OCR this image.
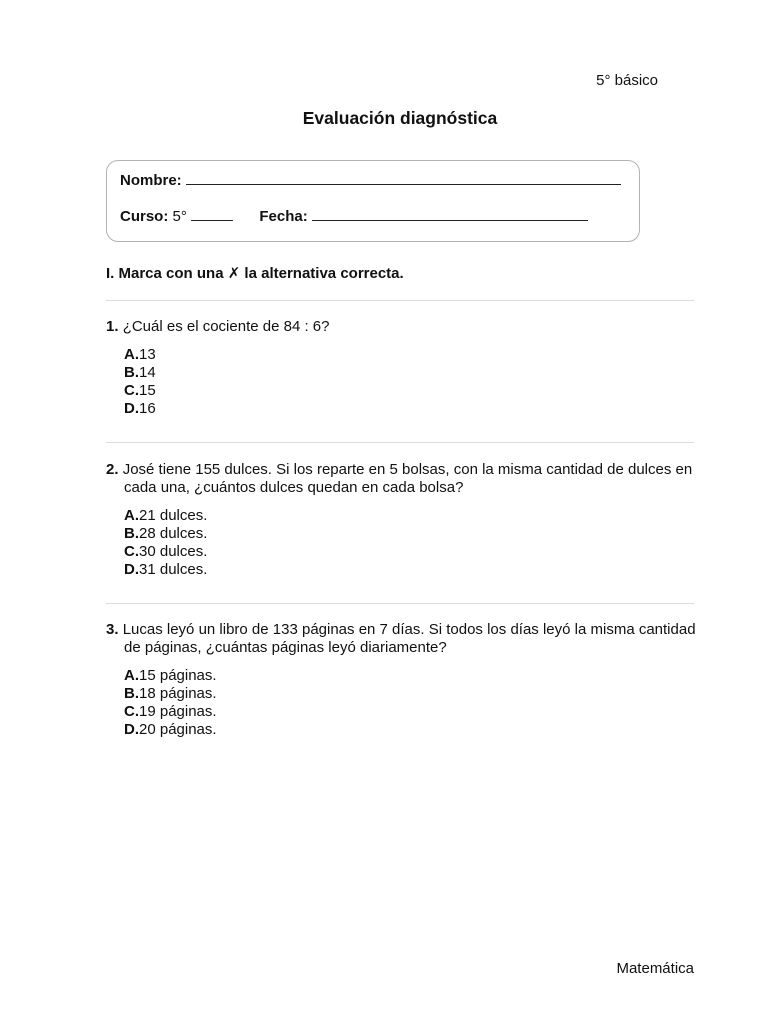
5° básico
Evaluación diagnóstica
Nombre:
Curso: 5°	Fecha:
I. Marca con una ✗ la alternativa correcta.
1. ¿Cuál es el cociente de 84 : 6?
A.13
B.14
C.15
D.16
2. José tiene 155 dulces. Si los reparte en 5 bolsas, con la misma cantidad de dulces en cada una, ¿cuántos dulces quedan en cada bolsa?
A.21 dulces.
B.28 dulces.
C.30 dulces.
D.31 dulces.
3. Lucas leyó un libro de 133 páginas en 7 días. Si todos los días leyó la misma cantidad de páginas, ¿cuántas páginas leyó diariamente?
A.15 páginas.
B.18 páginas.
C.19 páginas.
D.20 páginas.
Matemática
